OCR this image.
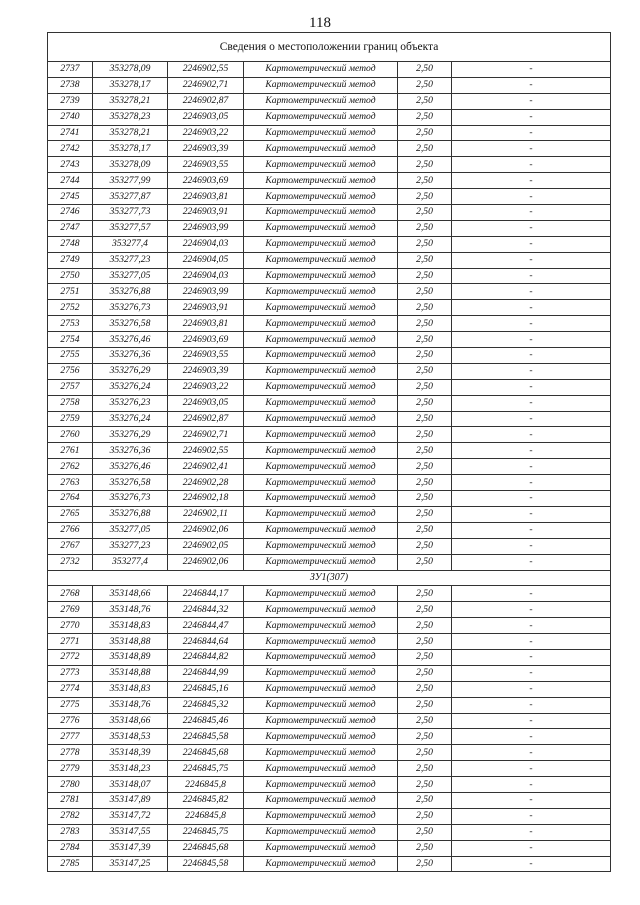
118
Сведения о местоположении границ объекта					
2737	353278,09	2246902,55	Картометрический метод	2,50	-
2738	353278,17	2246902,71	Картометрический метод	2,50	-
2739	353278,21	2246902,87	Картометрический метод	2,50	-
2740	353278,23	2246903,05	Картометрический метод	2,50	-
2741	353278,21	2246903,22	Картометрический метод	2,50	-
2742	353278,17	2246903,39	Картометрический метод	2,50	-
2743	353278,09	2246903,55	Картометрический метод	2,50	-
2744	353277,99	2246903,69	Картометрический метод	2,50	-
2745	353277,87	2246903,81	Картометрический метод	2,50	-
2746	353277,73	2246903,91	Картометрический метод	2,50	-
2747	353277,57	2246903,99	Картометрический метод	2,50	-
2748	353277,4	2246904,03	Картометрический метод	2,50	-
2749	353277,23	2246904,05	Картометрический метод	2,50	-
2750	353277,05	2246904,03	Картометрический метод	2,50	-
2751	353276,88	2246903,99	Картометрический метод	2,50	-
2752	353276,73	2246903,91	Картометрический метод	2,50	-
2753	353276,58	2246903,81	Картометрический метод	2,50	-
2754	353276,46	2246903,69	Картометрический метод	2,50	-
2755	353276,36	2246903,55	Картометрический метод	2,50	-
2756	353276,29	2246903,39	Картометрический метод	2,50	-
2757	353276,24	2246903,22	Картометрический метод	2,50	-
2758	353276,23	2246903,05	Картометрический метод	2,50	-
2759	353276,24	2246902,87	Картометрический метод	2,50	-
2760	353276,29	2246902,71	Картометрический метод	2,50	-
2761	353276,36	2246902,55	Картометрический метод	2,50	-
2762	353276,46	2246902,41	Картометрический метод	2,50	-
2763	353276,58	2246902,28	Картометрический метод	2,50	-
2764	353276,73	2246902,18	Картометрический метод	2,50	-
2765	353276,88	2246902,11	Картометрический метод	2,50	-
2766	353277,05	2246902,06	Картометрический метод	2,50	-
2767	353277,23	2246902,05	Картометрический метод	2,50	-
2732	353277,4	2246902,06	Картометрический метод	2,50	-
ЗУ1(307)					
2768	353148,66	2246844,17	Картометрический метод	2,50	-
2769	353148,76	2246844,32	Картометрический метод	2,50	-
2770	353148,83	2246844,47	Картометрический метод	2,50	-
2771	353148,88	2246844,64	Картометрический метод	2,50	-
2772	353148,89	2246844,82	Картометрический метод	2,50	-
2773	353148,88	2246844,99	Картометрический метод	2,50	-
2774	353148,83	2246845,16	Картометрический метод	2,50	-
2775	353148,76	2246845,32	Картометрический метод	2,50	-
2776	353148,66	2246845,46	Картометрический метод	2,50	-
2777	353148,53	2246845,58	Картометрический метод	2,50	-
2778	353148,39	2246845,68	Картометрический метод	2,50	-
2779	353148,23	2246845,75	Картометрический метод	2,50	-
2780	353148,07	2246845,8	Картометрический метод	2,50	-
2781	353147,89	2246845,82	Картометрический метод	2,50	-
2782	353147,72	2246845,8	Картометрический метод	2,50	-
2783	353147,55	2246845,75	Картометрический метод	2,50	-
2784	353147,39	2246845,68	Картометрический метод	2,50	-
2785	353147,25	2246845,58	Картометрический метод	2,50	-
